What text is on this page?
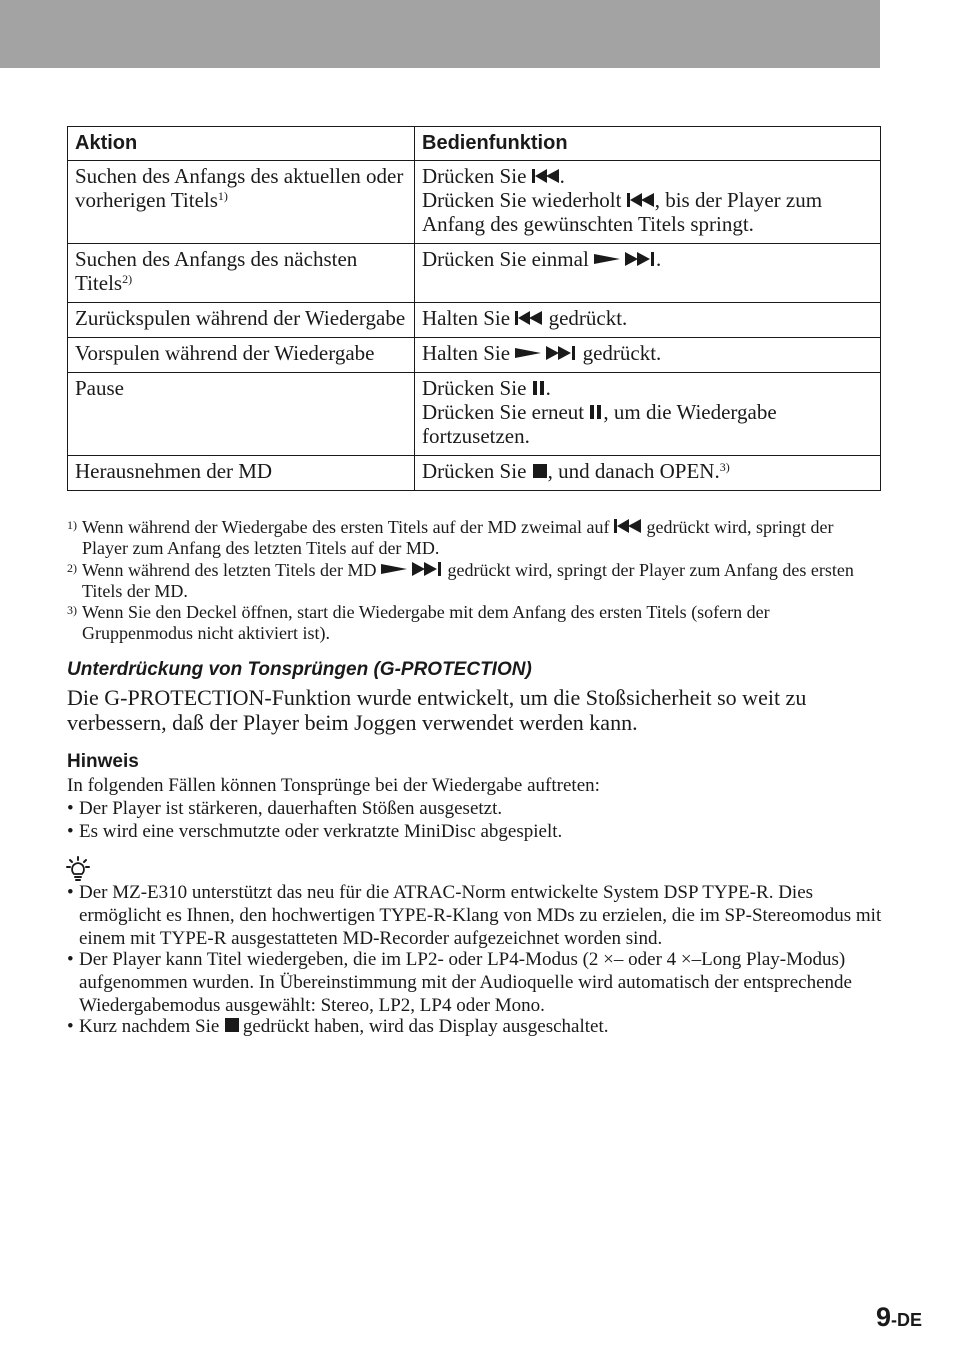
Aktion	Bedienfunktion
Suchen des Anfangs des aktuellen oder vorherigen Titels$^{1)}$	Drücken Sie .
Drücken Sie wiederholt , bis der Player zum Anfang des gewünschten Titels springt.

Suchen des Anfangs des nächsten Titels$^{2)}$	Drücken Sie einmal .

Zurückspulen während der Wiedergabe	Halten Sie  gedrückt.

Vorspulen während der Wiedergabe	Halten Sie gedrückt.

Pause	Drücken Sie .
Drücken Sie erneut , um die Wiedergabe fortzusetzen.

Herausnehmen der MD	Drücken Sie , und danach OPEN.$^{3)}$
1) Wenn während der Wiedergabe des ersten Titels auf der MD zweimal auf  gedrückt wird, springt der Player zum Anfang des letzten Titels auf der MD.
2) Wenn während des letzten Titels der MD	gedrückt wird, springt der Player zum Anfang des ersten Titels der MD.
3) Wenn Sie den Deckel öffnen, start die Wiedergabe mit dem Anfang des ersten Titels (sofern der Gruppenmodus nicht aktiviert ist).
Unterdrückung von Tonsprüngen (G-PROTECTION)
Die G-PROTECTION-Funktion wurde entwickelt, um die Stoßsicherheit so weit zu verbessern, daß der Player beim Joggen verwendet werden kann.
Hinweis
In folgenden Fällen können Tonsprünge bei der Wiedergabe auftreten:
• Der Player ist stärkeren, dauerhaften Stößen ausgesetzt.
• Es wird eine verschmutzte oder verkratzte MiniDisc abgespielt.
• Der MZ-E310 unterstützt das neu für die ATRAC-Norm entwickelte System DSP TYPE-R. Dies ermöglicht es Ihnen, den hochwertigen TYPE-R-Klang von MDs zu erzielen, die im SP-Stereomodus mit einem mit TYPE-R ausgestatteten MD-Recorder aufgezeichnet worden sind.
• Der Player kann Titel wiedergeben, die im LP2- oder LP4-Modus (2 ×– oder 4 ×–Long Play-Modus) aufgenommen wurden. In Übereinstimmung mit der Audioquelle wird automatisch der entsprechende Wiedergabemodus ausgewählt: Stereo, LP2, LP4 oder Mono.
• Kurz nachdem Sie  gedrückt haben, wird das Display ausgeschaltet.
9-DE
